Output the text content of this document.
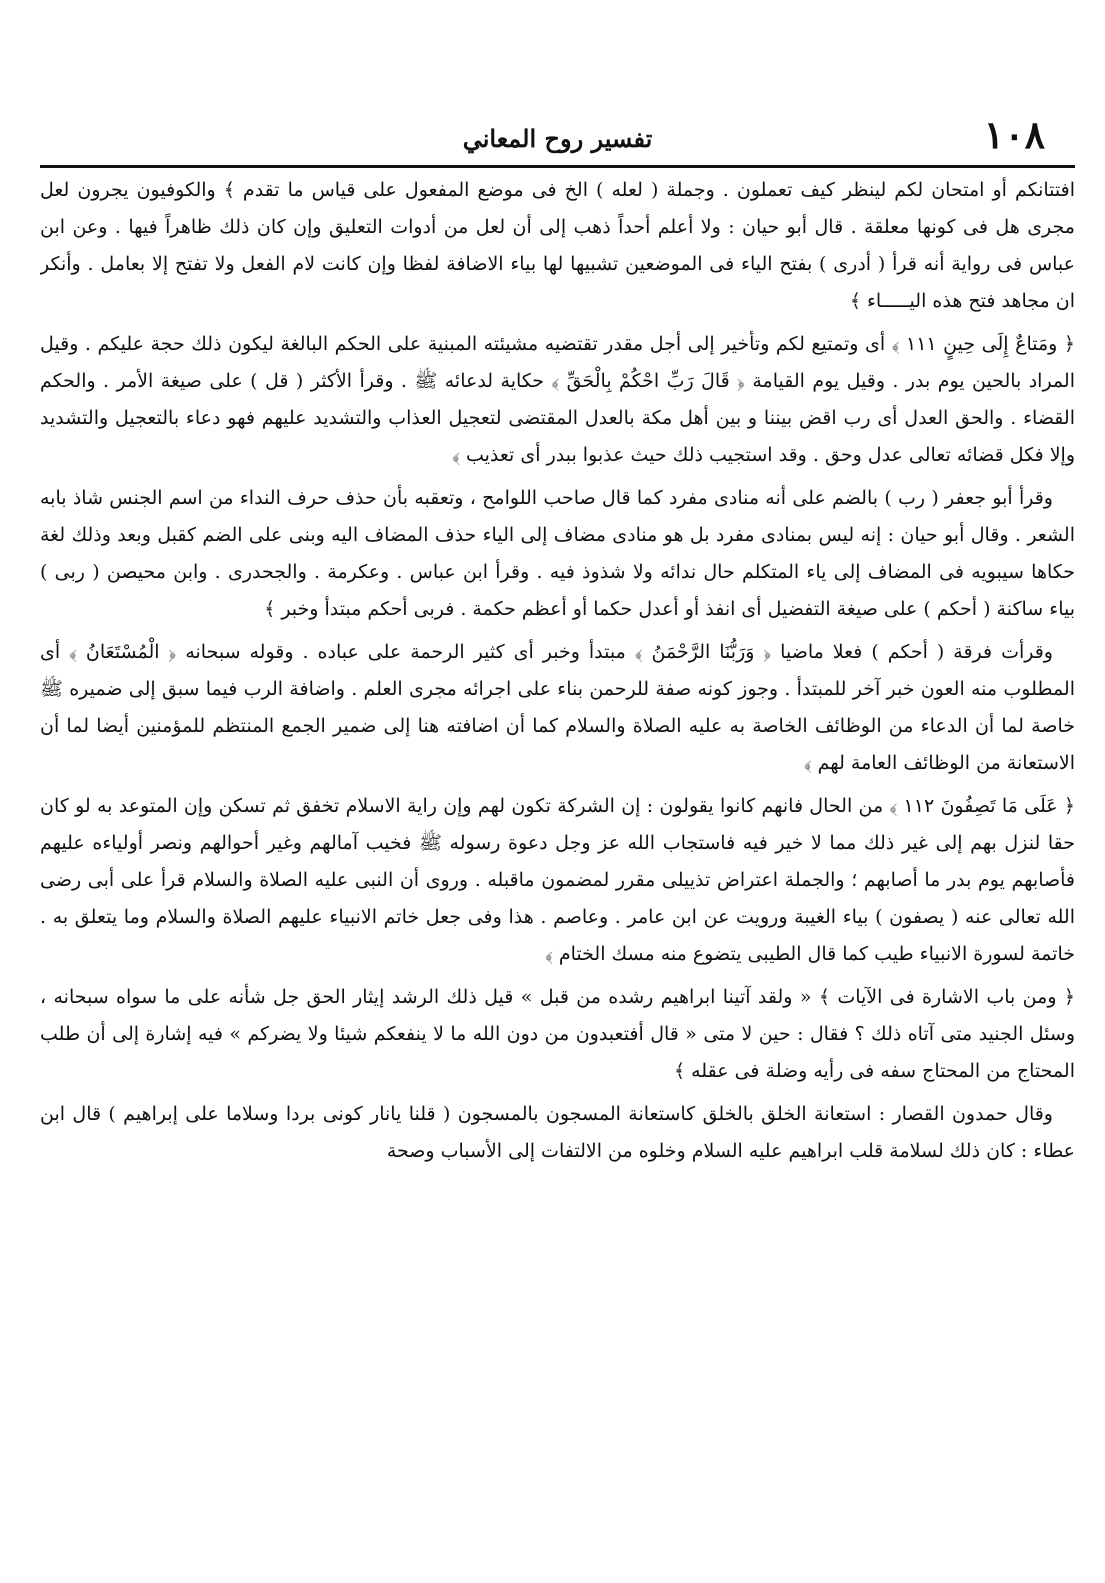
١٠٨
تفسير روح المعاني

افتتانكم أو امتحان لكم لينظر كيف تعملون . وجملة ( لعله ) الخ فى موضع المفعول على قياس ما تقدم ﴾ والكوفيون يجرون لعل مجرى هل فى كونها معلقة . قال أبو حيان : ولا أعلم أحداً ذهب إلى أن لعل من أدوات التعليق وإن كان ذلك ظاهراً فيها . وعن ابن عباس فى رواية أنه قرأ ( أدرى ) بفتح الياء فى الموضعين تشبيها لها بياء الاضافة لفظا وإن كانت لام الفعل ولا تفتح إلا بعامل . وأنكر ان مجاهد فتح هذه اليـــــاء ﴾

﴿ ومَتاعٌ إِلَى حِينٍ ١١١ ﴾ أى وتمتيع لكم وتأخير إلى أجل مقدر تقتضيه مشيئته المبنية على الحكم البالغة ليكون ذلك حجة عليكم . وقيل المراد بالحين يوم بدر . وقيل يوم القيامة ﴿ قَالَ رَبِّ احْكُمْ بِالْحَقِّ ﴾ حكاية لدعائه ﷺ . وقرأ الأكثر ( قل ) على صيغة الأمر . والحكم القضاء . والحق العدل أى رب اقض بيننا و بين أهل مكة بالعدل المقتضى لتعجيل العذاب والتشديد عليهم فهو دعاء بالتعجيل والتشديد وإلا فكل قضائه تعالى عدل وحق . وقد استجيب ذلك حيث عذبوا ببدر أى تعذيب ﴾

وقرأ أبو جعفر ( رب ) بالضم على أنه منادى مفرد كما قال صاحب اللوامح ، وتعقبه بأن حذف حرف النداء من اسم الجنس شاذ بابه الشعر . وقال أبو حيان : إنه ليس بمنادى مفرد بل هو منادى مضاف إلى الياء حذف المضاف اليه وبنى على الضم كقبل وبعد وذلك لغة حكاها سيبويه فى المضاف إلى ياء المتكلم حال ندائه ولا شذوذ فيه . وقرأ ابن عباس . وعكرمة . والجحدرى . وابن محيصن ( ربى ) بياء ساكنة ( أحكم ) على صيغة التفضيل أى انفذ أو أعدل حكما أو أعظم حكمة . فربى أحكم مبتدأ وخبر ﴾

وقرأت فرقة ( أحكم ) فعلا ماضيا ﴿ وَرَبُّنَا الرَّحْمَنُ ﴾ مبتدأ وخبر أى كثير الرحمة على عباده . وقوله سبحانه ﴿ الْمُسْتَعَانُ ﴾ أى المطلوب منه العون خبر آخر للمبتدأ . وجوز كونه صفة للرحمن بناء على اجرائه مجرى العلم . واضافة الرب فيما سبق إلى ضميره ﷺ خاصة لما أن الدعاء من الوظائف الخاصة به عليه الصلاة والسلام كما أن اضافته هنا إلى ضمير الجمع المنتظم للمؤمنين أيضا لما أن الاستعانة من الوظائف العامة لهم ﴾

﴿ عَلَى مَا تَصِفُونَ ١١٢ ﴾ من الحال فانهم كانوا يقولون : إن الشركة تكون لهم وإن راية الاسلام تخفق ثم تسكن وإن المتوعد به لو كان حقا لنزل بهم إلى غير ذلك مما لا خير فيه فاستجاب الله عز وجل دعوة رسوله ﷺ فخيب آمالهم وغير أحوالهم ونصر أولياءه عليهم فأصابهم يوم بدر ما أصابهم ؛ والجملة اعتراض تذييلى مقرر لمضمون ماقبله . وروى أن النبى عليه الصلاة والسلام قرأ على أبى رضى الله تعالى عنه ( يصفون ) بياء الغيبة ورويت عن ابن عامر . وعاصم . هذا وفى جعل خاتم الانبياء عليهم الصلاة والسلام وما يتعلق به . خاتمة لسورة الانبياء طيب كما قال الطيبى يتضوع منه مسك الختام ﴾

﴿ ومن باب الاشارة فى الآيات ﴾ « ولقد آتينا ابراهيم رشده من قبل » قيل ذلك الرشد إيثار الحق جل شأنه على ما سواه سبحانه ، وسئل الجنيد متى آتاه ذلك ؟ فقال : حين لا متى « قال أفتعبدون من دون الله ما لا ينفعكم شيئا ولا يضركم » فيه إشارة إلى أن طلب المحتاج من المحتاج سفه فى رأيه وضلة فى عقله ﴾

وقال حمدون القصار : استعانة الخلق بالخلق كاستعانة المسجون بالمسجون ( قلنا يانار كونى بردا وسلاما على إبراهيم ) قال ابن عطاء : كان ذلك لسلامة قلب ابراهيم عليه السلام وخلوه من الالتفات إلى الأسباب وصحة
